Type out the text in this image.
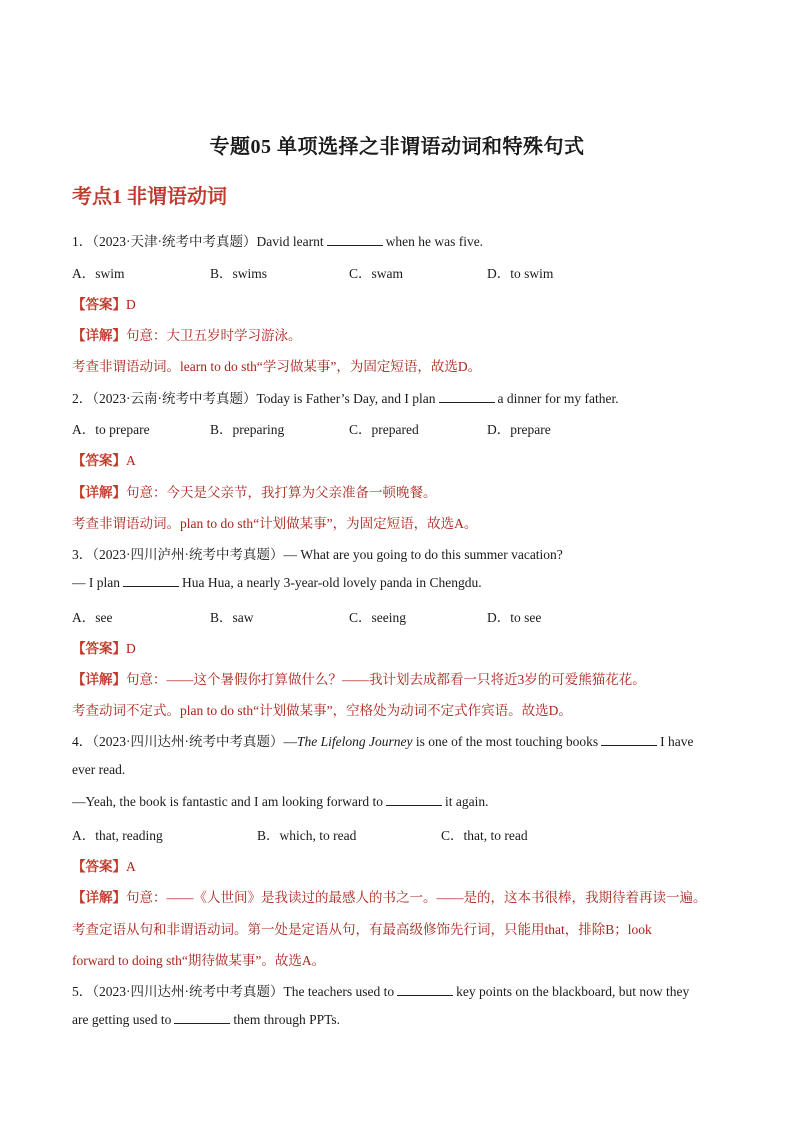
专题05 单项选择之非谓语动词和特殊句式
考点1 非谓语动词
1．（2023·天津·统考中考真题）David learnt	when he was five.
A．swim	B．swims	C．swam	D．to swim
【答案】D
【详解】句意：大卫五岁时学习游泳。
考查非谓语动词。learn to do sth“学习做某事”，为固定短语，故选D。
2．（2023·云南·统考中考真题）Today is Father’s Day, and I plan	a dinner for my father.
A．to prepare	B．preparing	C．prepared	D．prepare
【答案】A
【详解】句意：今天是父亲节，我打算为父亲准备一顿晚餐。
考查非谓语动词。plan to do sth“计划做某事”，为固定短语，故选A。
3．（2023·四川泸州·统考中考真题）— What are you going to do this summer vacation?
— I plan	Hua Hua, a nearly 3-year-old lovely panda in Chengdu.
A．see	B．saw	C．seeing	D．to see
【答案】D
【详解】句意：——这个暑假你打算做什么？——我计划去成都看一只将近3岁的可爱熊猫花花。
考查动词不定式。plan to do sth“计划做某事”，空格处为动词不定式作宾语。故选D。
4．（2023·四川达州·统考中考真题）—The Lifelong Journey is one of the most touching books	I have
ever read.
—Yeah, the book is fantastic and I am looking forward to	it again.
A．that, reading	B．which, to read	C．that, to read
【答案】A
【详解】句意：——《人世间》是我读过的最感人的书之一。——是的，这本书很棒，我期待着再读一遍。
考查定语从句和非谓语动词。第一处是定语从句，有最高级修饰先行词，只能用that，排除B；look
forward to doing sth“期待做某事”。故选A。
5．（2023·四川达州·统考中考真题）The teachers used to	key points on the blackboard, but now they
are getting used to	them through PPTs.
